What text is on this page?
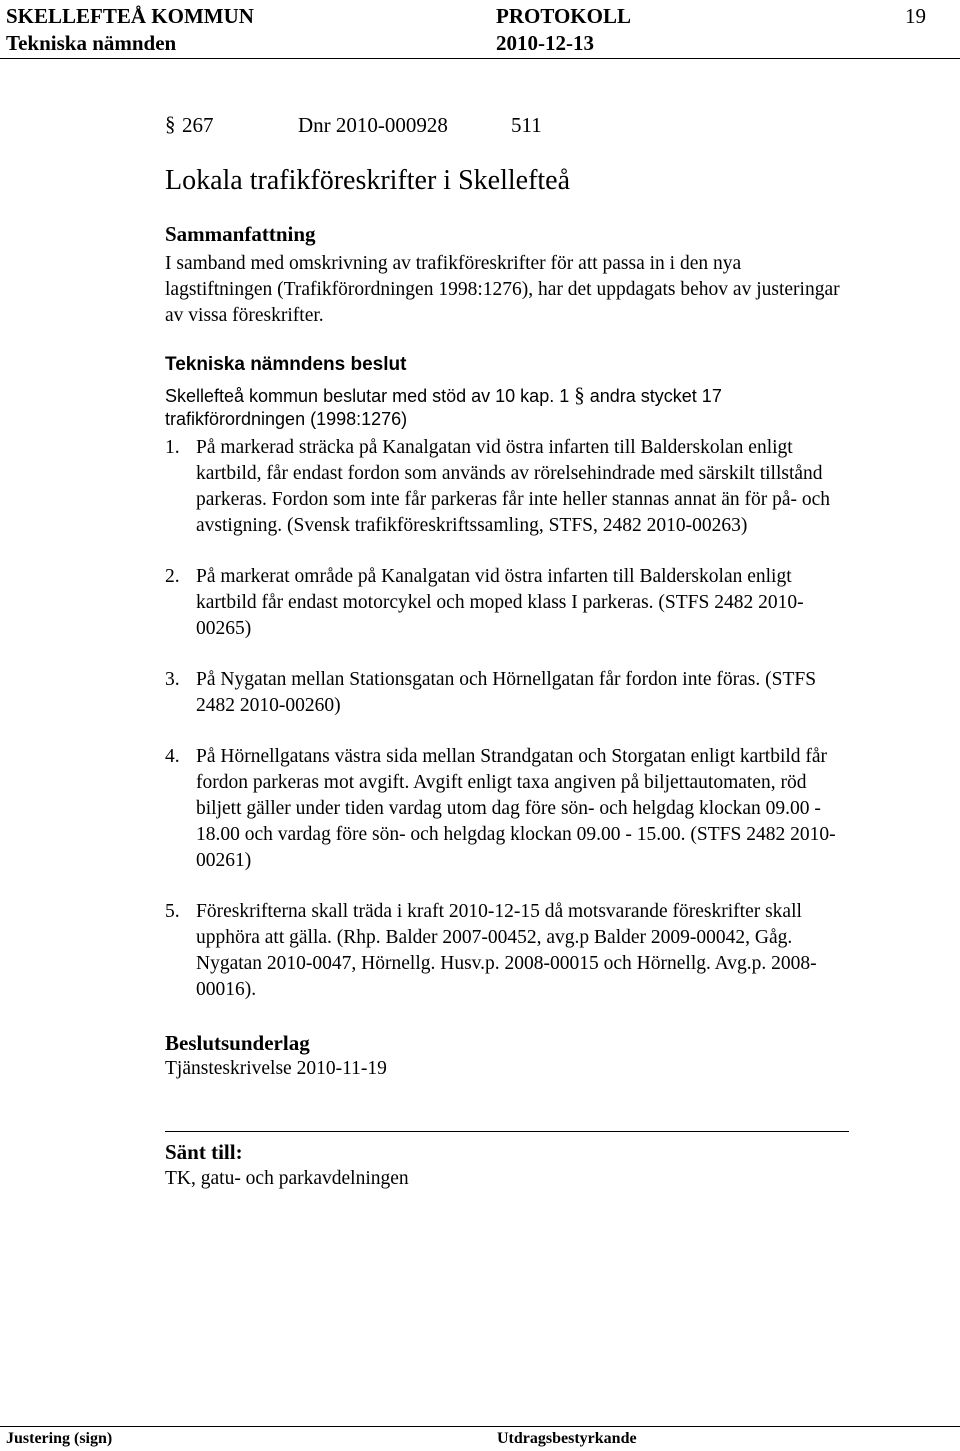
SKELLEFTEÅ KOMMUN	PROTOKOLL	19
Tekniska nämnden	2010-12-13
§ 267	Dnr 2010-000928	511
Lokala trafikföreskrifter i Skellefteå
Sammanfattning

I samband med omskrivning av trafikföreskrifter för att passa in i den nya

lagstiftningen (Trafikförordningen 1998:1276), har det uppdagats behov av justeringar

av vissa föreskrifter.

Tekniska nämndens beslut
Skellefteå kommun beslutar med stöd av 10 kap. 1 § andra stycket 17
trafikförordningen (1998:1276)
1. På markerad sträcka på Kanalgatan vid östra infarten till Balderskolan enligt
kartbild, får endast fordon som används av rörelsehindrade med särskilt tillstånd
parkeras. Fordon som inte får parkeras får inte heller stannas annat än för på- och
avstigning. (Svensk trafikföreskriftssamling, STFS, 2482 2010-00263)
2. På markerat område på Kanalgatan vid östra infarten till Balderskolan enligt
kartbild får endast motorcykel och moped klass I parkeras. (STFS 2482 2010-
00265)
3. På Nygatan mellan Stationsgatan och Hörnellgatan får fordon inte föras. (STFS
2482 2010-00260)
4. På Hörnellgatans västra sida mellan Strandgatan och Storgatan enligt kartbild får
fordon parkeras mot avgift. Avgift enligt taxa angiven på biljettautomaten, röd
biljett gäller under tiden vardag utom dag före sön- och helgdag klockan 09.00 -
18.00 och vardag före sön- och helgdag klockan 09.00 - 15.00. (STFS 2482 2010-
00261)
5. Föreskrifterna skall träda i kraft 2010-12-15 då motsvarande föreskrifter skall
upphöra att gälla. (Rhp. Balder 2007-00452, avg.p Balder 2009-00042, Gåg.
Nygatan 2010-0047, Hörnellg. Husv.p. 2008-00015 och Hörnellg. Avg.p. 2008-
00016).
Beslutsunderlag
Tjänsteskrivelse 2010-11-19
Sänt till:
TK, gatu- och parkavdelningen
Justering (sign)	Utdragsbestyrkande
